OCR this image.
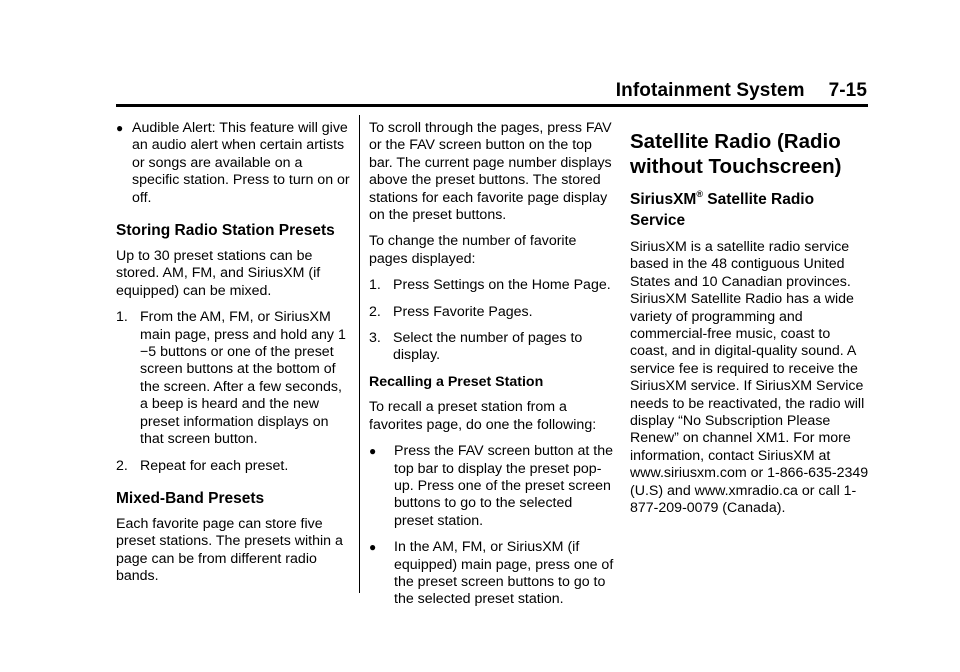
Infotainment System 7-15
● Audible Alert: This feature will give an audio alert when certain artists or songs are available on a specific station. Press to turn on or off.
Storing Radio Station Presets

Up to 30 preset stations can be stored. AM, FM, and SiriusXM (if equipped) can be mixed.

1. From the AM, FM, or SiriusXM main page, press and hold any 1 −5 buttons or one of the preset screen buttons at the bottom of the screen. After a few seconds, a beep is heard and the new preset information displays on that screen button.
2. Repeat for each preset.
Mixed-Band Presets

Each favorite page can store five preset stations. The presets within a page can be from different radio bands.

To scroll through the pages, press FAV or the FAV screen button on the top bar. The current page number displays above the preset buttons. The stored stations for each favorite page display on the preset buttons.

To change the number of favorite pages displayed:

1. Press Settings on the Home Page.
2. Press Favorite Pages.
3. Select the number of pages to display.
Recalling a Preset Station

To recall a preset station from a favorites page, do one the following:

● Press the FAV screen button at the top bar to display the preset pop-up. Press one of the preset screen buttons to go to the selected preset station.
● In the AM, FM, or SiriusXM (if equipped) main page, press one of the preset screen buttons to go to the selected preset station.
Satellite Radio (Radio without Touchscreen)
SiriusXM® Satellite Radio Service

SiriusXM is a satellite radio service based in the 48 contiguous United States and 10 Canadian provinces. SiriusXM Satellite Radio has a wide variety of programming and commercial-free music, coast to coast, and in digital-quality sound. A service fee is required to receive the SiriusXM service. If SiriusXM Service needs to be reactivated, the radio will display “No Subscription Please Renew” on channel XM1. For more information, contact SiriusXM at www.siriusxm.com or 1-866-635-2349 (U.S) and www.xmradio.ca or call 1-877-209-0079 (Canada).
